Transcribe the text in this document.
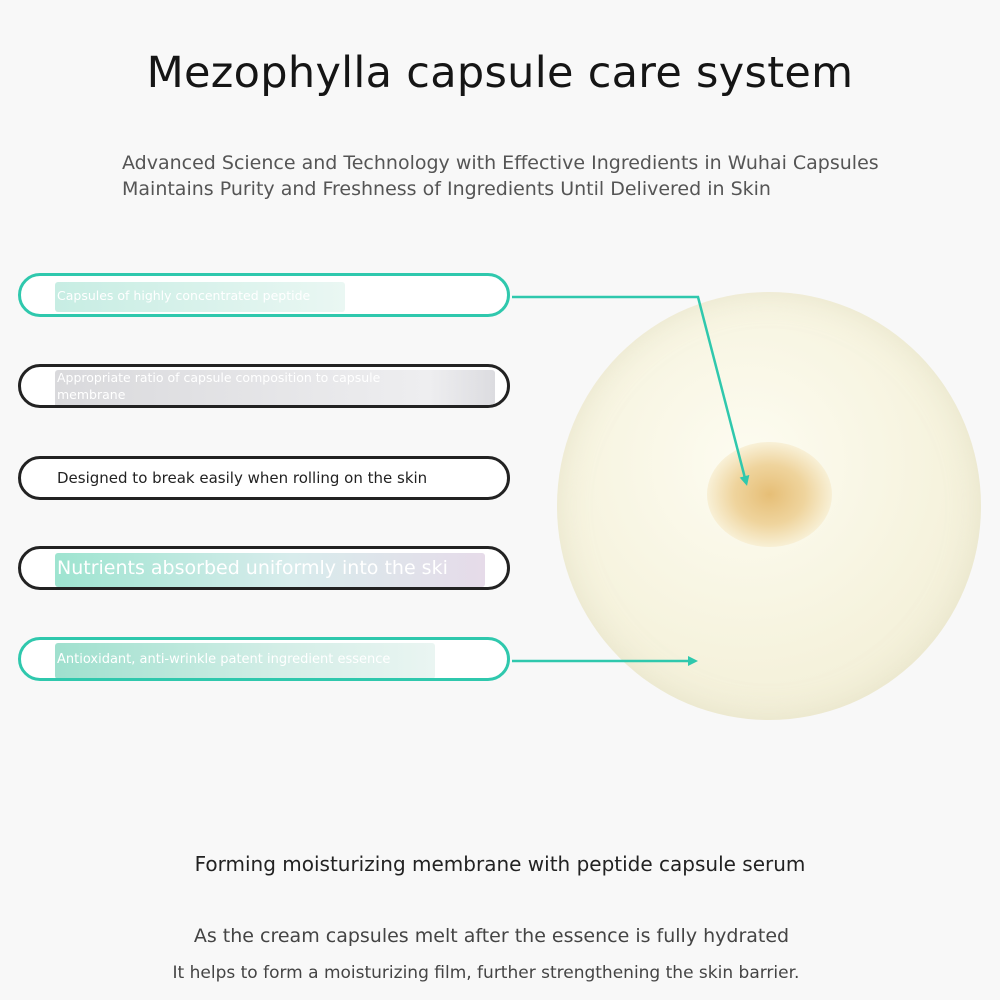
Mezophylla capsule care system
Advanced Science and Technology with Effective Ingredients in Wuhai Capsules
Maintains Purity and Freshness of Ingredients Until Delivered in Skin
Capsules of highly concentrated peptide
Appropriate ratio of capsule composition to capsule membrane
Designed to break easily when rolling on the skin
Nutrients absorbed uniformly into the ski
Antioxidant, anti-wrinkle patent ingredient essence
Forming moisturizing membrane with peptide capsule serum
As the cream capsules melt after the essence is fully hydrated
It helps to form a moisturizing film, further strengthening the skin barrier.
